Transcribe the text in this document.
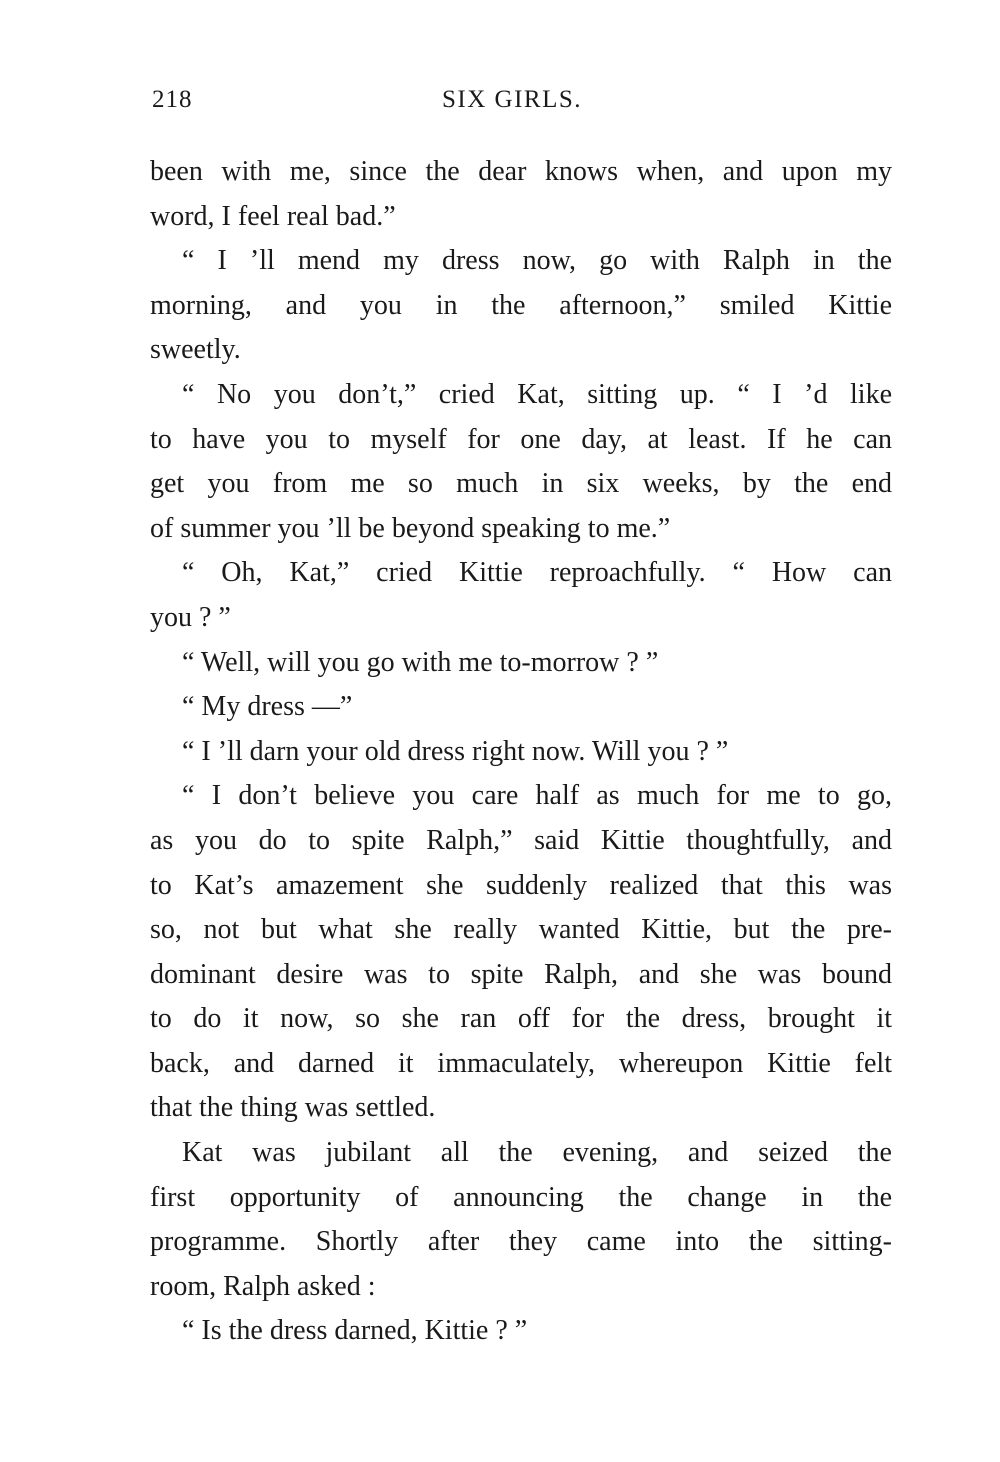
218	SIX GIRLS.
been with me, since the dear knows when, and upon my
word, I feel real bad.”
“ I ’ll mend my dress now, go with Ralph in the
morning, and you in the afternoon,” smiled Kittie
sweetly.
“ No you don’t,” cried Kat, sitting up. “ I ’d like
to have you to myself for one day, at least. If he can
get you from me so much in six weeks, by the end
of summer you ’ll be beyond speaking to me.”
“ Oh, Kat,” cried Kittie reproachfully. “ How can
you ? ”
“ Well, will you go with me to-morrow ? ”
“ My dress —”
“ I ’ll darn your old dress right now. Will you ? ”
“ I don’t believe you care half as much for me to go,
as you do to spite Ralph,” said Kittie thoughtfully, and
to Kat’s amazement she suddenly realized that this was
so, not but what she really wanted Kittie, but the pre-
dominant desire was to spite Ralph, and she was bound
to do it now, so she ran off for the dress, brought it
back, and darned it immaculately, whereupon Kittie felt
that the thing was settled.
Kat was jubilant all the evening, and seized the
first opportunity of announcing the change in the
programme. Shortly after they came into the sitting-
room, Ralph asked :
“ Is the dress darned, Kittie ? ”
